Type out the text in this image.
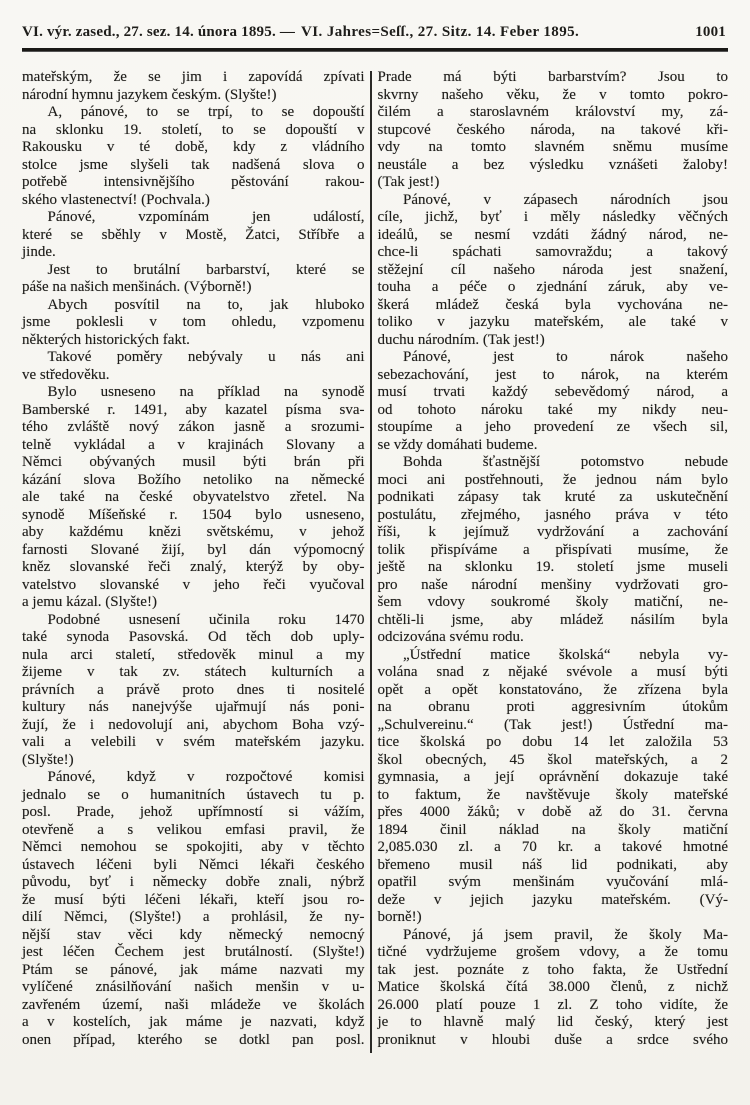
VI. výr. zased., 27. sez. 14. února 1895. — VI. Jahres=Seſſ., 27. Sitz. 14. Feber 1895.	1001
mateřským, že se jim i zapovídá zpívati
národní hymnu jazykem českým. (Slyšte!)
A, pánové, to se trpí, to se dopouští
na sklonku 19. století, to se dopouští v
Rakousku v té době, kdy z vládního
stolce jsme slyšeli tak nadšená slova o
potřebě intensivnějšího pěstování rakou-
ského vlastenectví! (Pochvala.)
Pánové, vzpomínám jen událostí,
které se sběhly v Mostě, Žatci, Stříbře a
jinde.
Jest to brutální barbarství, které se
páše na našich menšinách. (Výborně!)
Abych posvítil na to, jak hluboko
jsme poklesli v tom ohledu, vzpomenu
některých historických fakt.
Takové poměry nebývaly u nás ani
ve středověku.
Bylo usneseno na příklad na synodě
Bamberské r. 1491, aby kazatel písma sva-
tého zvláště nový zákon jasně a srozumi-
telně vykládal a v krajinách Slovany a
Němci obývaných musil býti brán při
kázání slova Božího netoliko na německé
ale také na české obyvatelstvo zřetel. Na
synodě Míšeňské r. 1504 bylo usneseno,
aby každému knězi světskému, v jehož
farnosti Slované žijí, byl dán výpomocný
kněz slovanské řeči znalý, kterýž by oby-
vatelstvo slovanské v jeho řeči vyučoval
a jemu kázal. (Slyšte!)
Podobné usnesení učinila roku 1470
také synoda Pasovská. Od těch dob uply-
nula arci staletí, středověk minul a my
žijeme v tak zv. státech kulturních a
právních a právě proto dnes ti nositelé
kultury nás nanejvýše ujařmují nás poni-
žují, že i nedovolují ani, abychom Boha vzý-
vali a velebili v svém mateřském jazyku.
(Slyšte!)
Pánové, když v rozpočtové komisi
jednalo se o humanitních ústavech tu p.
posl. Prade, jehož upřímností si vážím,
otevřeně a s velikou emfasi pravil, že
Němci nemohou se spokojiti, aby v těchto
ústavech léčeni byli Němci lékaři českého
původu, byť i německy dobře znali, nýbrž
že musí býti léčeni lékaři, kteří jsou ro-
dilí Němci, (Slyšte!) a prohlásil, že ny-
nější stav věci kdy německý nemocný
jest léčen Čechem jest brutálností. (Slyšte!)
Ptám se pánové, jak máme nazvati my
vylíčené znásilňování našich menšin v u-
zavřeném území, naši mládeže ve školách
a v kostelích, jak máme je nazvati, když
onen případ, kterého se dotkl pan posl.
Prade má býti barbarstvím? Jsou to
skvrny našeho věku, že v tomto pokro-
čilém a staroslavném království my, zá-
stupcové českého národa, na takové kři-
vdy na tomto slavném sněmu musíme
neustále a bez výsledku vznášeti žaloby!
(Tak jest!)
Pánové, v zápasech národních jsou
cíle, jichž, byť i měly následky věčných
ideálů, se nesmí vzdáti žádný národ, ne-
chce-li spáchati samovraždu; a takový
stěžejní cíl našeho národa jest snažení,
touha a péče o zjednání záruk, aby ve-
škerá mládež česká byla vychována ne-
toliko v jazyku mateřském, ale také v
duchu národním. (Tak jest!)
Pánové, jest to nárok našeho
sebezachování, jest to nárok, na kterém
musí trvati každý sebevědomý národ, a
od tohoto nároku také my nikdy neu-
stoupíme a jeho provedení ze všech sil,
se vždy domáhati budeme.
Bohda šťastnější potomstvo nebude
moci ani postřehnouti, že jednou nám bylo
podnikati zápasy tak kruté za uskutečnění
postulátu, zřejmého, jasného práva v této
říši, k jejímuž vydržování a zachování
tolik přispíváme a přispívati musíme, že
ještě na sklonku 19. století jsme museli
pro naše národní menšiny vydržovati gro-
šem vdovy soukromé školy matiční, ne-
chtěli-li jsme, aby mládež násilím byla
odcizována svému rodu.
„Ústřední matice školská“ nebyla vy-
volána snad z nějaké svévole a musí býti
opět a opět konstatováno, že zřízena byla
na obranu proti aggresivním útokům
„Schulvereinu.“ (Tak jest!) Ústřední ma-
tice školská po dobu 14 let založila 53
škol obecných, 45 škol mateřských, a 2
gymnasia, a její oprávnění dokazuje také
to faktum, že navštěvuje školy mateřské
přes 4000 žáků; v době až do 31. června
1894 činil náklad na školy matiční
2,085.030 zl. a 70 kr. a takové hmotné
břemeno musil náš lid podnikati, aby
opatřil svým menšinám vyučování mlá-
deže v jejich jazyku mateřském. (Vý-
borně!)
Pánové, já jsem pravil, že školy Ma-
tičné vydržujeme grošem vdovy, a že tomu
tak jest. poznáte z toho fakta, že Ustřední
Matice školská čítá 38.000 členů, z nichž
26.000 platí pouze 1 zl. Z toho vidíte, že
je to hlavně malý lid český, který jest
proniknut v hloubi duše a srdce svého
